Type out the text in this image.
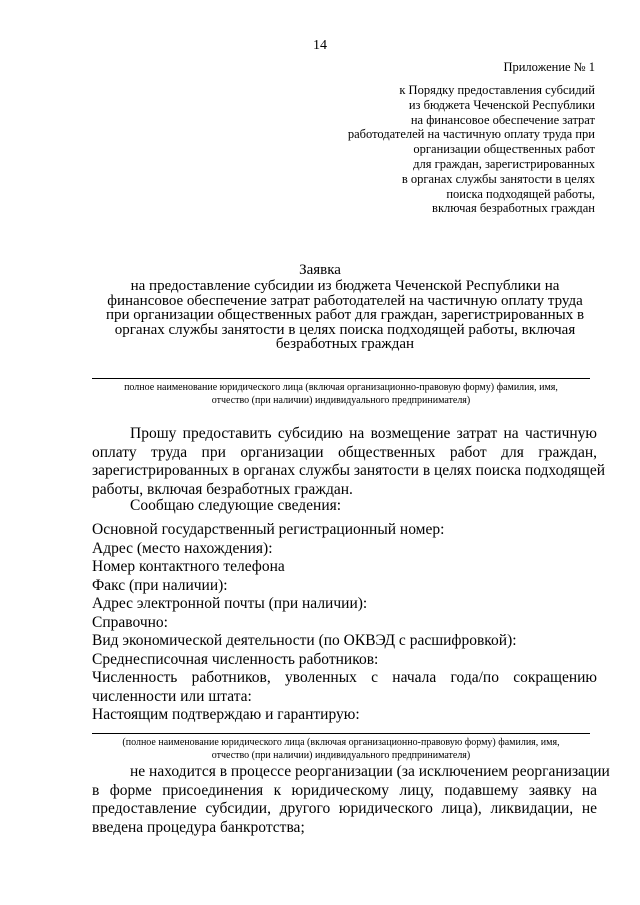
14
Приложение № 1
к Порядку предоставления субсидий
из бюджета Чеченской Республики
на финансовое обеспечение затрат
работодателей на частичную оплату труда при
организации общественных работ
для граждан, зарегистрированных
в органах службы занятости в целях
поиска подходящей работы,
включая безработных граждан
Заявка
на предоставление субсидии из бюджета Чеченской Республики на
финансовое обеспечение затрат работодателей на частичную оплату труда
при организации общественных работ для граждан, зарегистрированных в
органах службы занятости в целях поиска подходящей работы, включая
безработных граждан
полное наименование юридического лица (включая организационно-правовую форму) фамилия, имя,
отчество (при наличии) индивидуального предпринимателя)
Прошу предоставить субсидию на возмещение затрат на частичную
оплату труда при организации общественных работ для граждан,
зарегистрированных в органах службы занятости в целях поиска подходящей
работы, включая безработных граждан.
Сообщаю следующие сведения:
Основной государственный регистрационный номер:
Адрес (место нахождения):
Номер контактного телефона
Факс (при наличии):
Адрес электронной почты (при наличии):
Справочно:
Вид экономической деятельности (по ОКВЭД с расшифровкой):
Среднесписочная численность работников:
Численность работников, уволенных с начала года/по сокращению
численности или штата:
Настоящим подтверждаю и гарантирую:
(полное наименование юридического лица (включая организационно-правовую форму) фамилия, имя,
отчество (при наличии) индивидуального предпринимателя)
не находится в процессе реорганизации (за исключением реорганизации
в форме присоединения к юридическому лицу, подавшему заявку на
предоставление субсидии, другого юридического лица), ликвидации, не
введена процедура банкротства;
